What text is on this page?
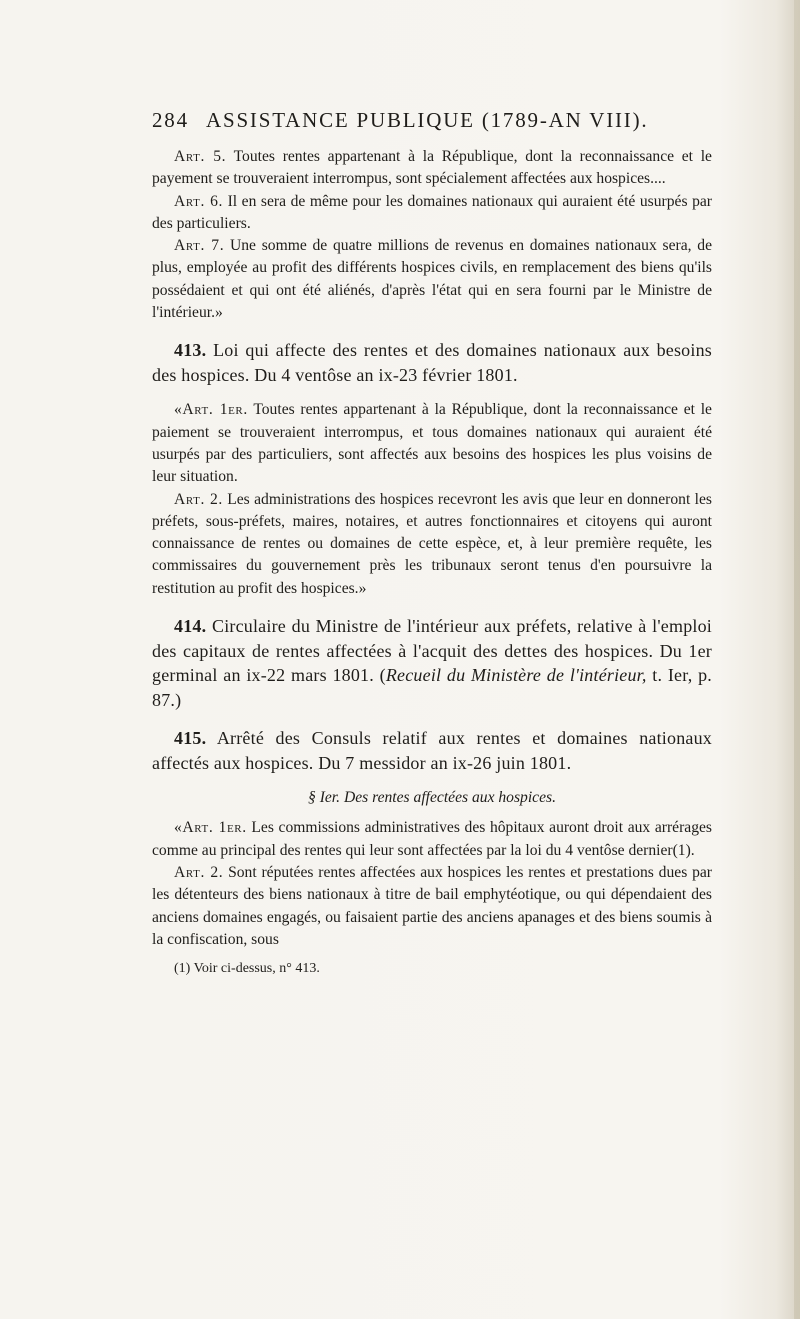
284 ASSISTANCE PUBLIQUE (1789-AN VIII).

Art. 5. Toutes rentes appartenant à la République, dont la reconnaissance et le payement se trouveraient interrompus, sont spécialement affectées aux hospices....

Art. 6. Il en sera de même pour les domaines nationaux qui auraient été usurpés par des particuliers.

Art. 7. Une somme de quatre millions de revenus en domaines nationaux sera, de plus, employée au profit des différents hospices civils, en remplacement des biens qu'ils possédaient et qui ont été aliénés, d'après l'état qui en sera fourni par le Ministre de l'intérieur.»

413. Loi qui affecte des rentes et des domaines nationaux aux besoins des hospices. Du 4 ventôse an ix-23 février 1801.

«Art. 1er. Toutes rentes appartenant à la République, dont la reconnaissance et le paiement se trouveraient interrompus, et tous domaines nationaux qui auraient été usurpés par des particuliers, sont affectés aux besoins des hospices les plus voisins de leur situation.

Art. 2. Les administrations des hospices recevront les avis que leur en donneront les préfets, sous-préfets, maires, notaires, et autres fonctionnaires et citoyens qui auront connaissance de rentes ou domaines de cette espèce, et, à leur première requête, les commissaires du gouvernement près les tribunaux seront tenus d'en poursuivre la restitution au profit des hospices.»

414. Circulaire du Ministre de l'intérieur aux préfets, relative à l'emploi des capitaux de rentes affectées à l'acquit des dettes des hospices. Du 1er germinal an ix-22 mars 1801. (Recueil du Ministère de l'intérieur, t. Ier, p. 87.)

415. Arrêté des Consuls relatif aux rentes et domaines nationaux affectés aux hospices. Du 7 messidor an ix-26 juin 1801.

§ Ier. Des rentes affectées aux hospices.

«Art. 1er. Les commissions administratives des hôpitaux auront droit aux arrérages comme au principal des rentes qui leur sont affectées par la loi du 4 ventôse dernier(1).

Art. 2. Sont réputées rentes affectées aux hospices les rentes et prestations dues par les détenteurs des biens nationaux à titre de bail emphytéotique, ou qui dépendaient des anciens domaines engagés, ou faisaient partie des anciens apanages et des biens soumis à la confiscation, sous

(1) Voir ci-dessus, n° 413.
